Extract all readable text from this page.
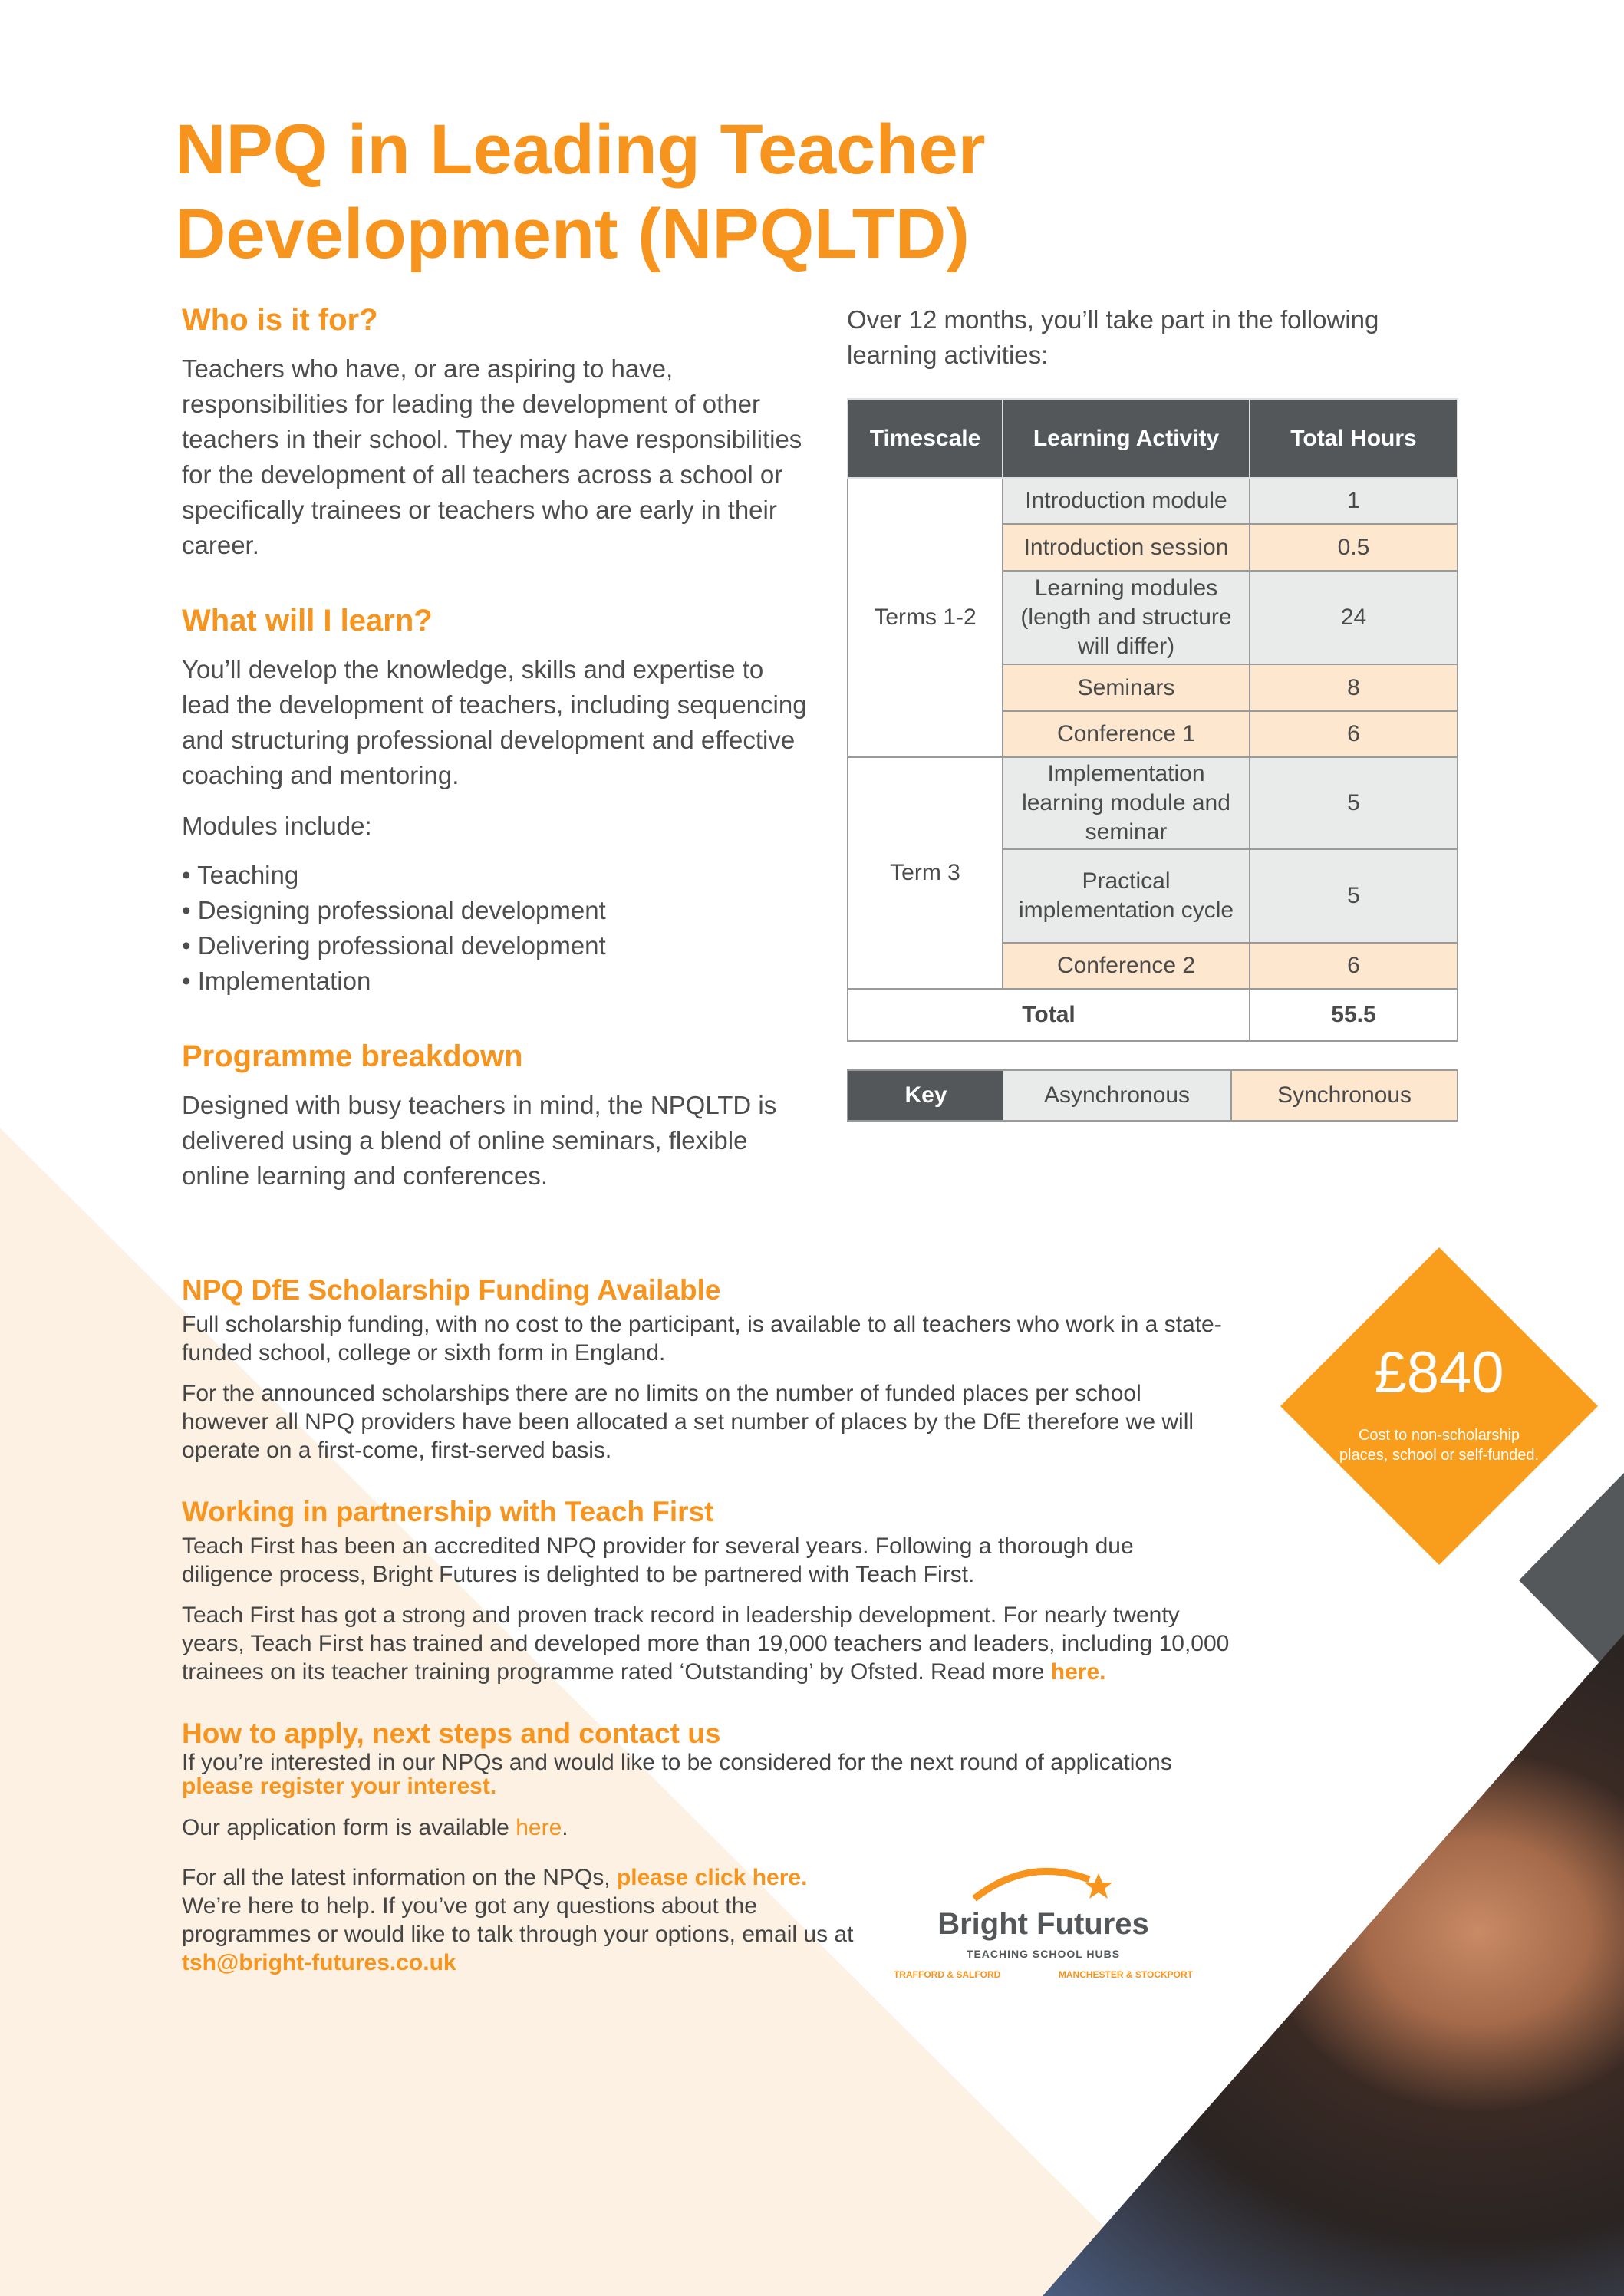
NPQ in Leading Teacher
Development (NPQLTD)
Who is it for?

Teachers who have, or are aspiring to have, responsibilities for leading the development of other teachers in their school. They may have responsibilities for the development of all teachers across a school or specifically trainees or teachers who are early in their career.

What will I learn?

You’ll develop the knowledge, skills and expertise to lead the development of teachers, including sequencing and structuring professional development and effective coaching and mentoring.

Modules include:

• Teaching
• Designing professional development
• Delivering professional development
• Implementation
Programme breakdown

Designed with busy teachers in mind, the NPQLTD is delivered using a blend of online seminars, flexible online learning and conferences.

Over 12 months, you’ll take part in the following learning activities:

Timescale	Learning Activity	Total Hours
Terms 1-2	Introduction module	1
	Introduction session	0.5
	Learning modules (length and structure will differ)	24
	Seminars	8
	Conference 1	6
Term 3	Implementation learning module and seminar	5
	Practical implementation cycle	5
	Conference 2	6
Total		55.5
Key	Asynchronous	Synchronous
NPQ DfE Scholarship Funding Available

Full scholarship funding, with no cost to the participant, is available to all teachers who work in a state-funded school, college or sixth form in England.

For the announced scholarships there are no limits on the number of funded places per school however all NPQ providers have been allocated a set number of places by the DfE therefore we will operate on a first-come, first-served basis.

Working in partnership with Teach First

Teach First has been an accredited NPQ provider for several years. Following a thorough due diligence process, Bright Futures is delighted to be partnered with Teach First.

Teach First has got a strong and proven track record in leadership development. For nearly twenty years, Teach First has trained and developed more than 19,000 teachers and leaders, including 10,000 trainees on its teacher training programme rated ‘Outstanding’ by Ofsted. Read more here.

How to apply, next steps and contact us

If you’re interested in our NPQs and would like to be considered for the next round of applications
please register your interest.

Our application form is available here.

For all the latest information on the NPQs, please click here.
We’re here to help. If you’ve got any questions about the programmes or would like to talk through your options, email us at tsh@bright-futures.co.uk

£840
Cost to non-scholarship places, school or self-funded.
Bright Futures
TEACHING SCHOOL HUBS
TRAFFORD & SALFORD	MANCHESTER & STOCKPORT
